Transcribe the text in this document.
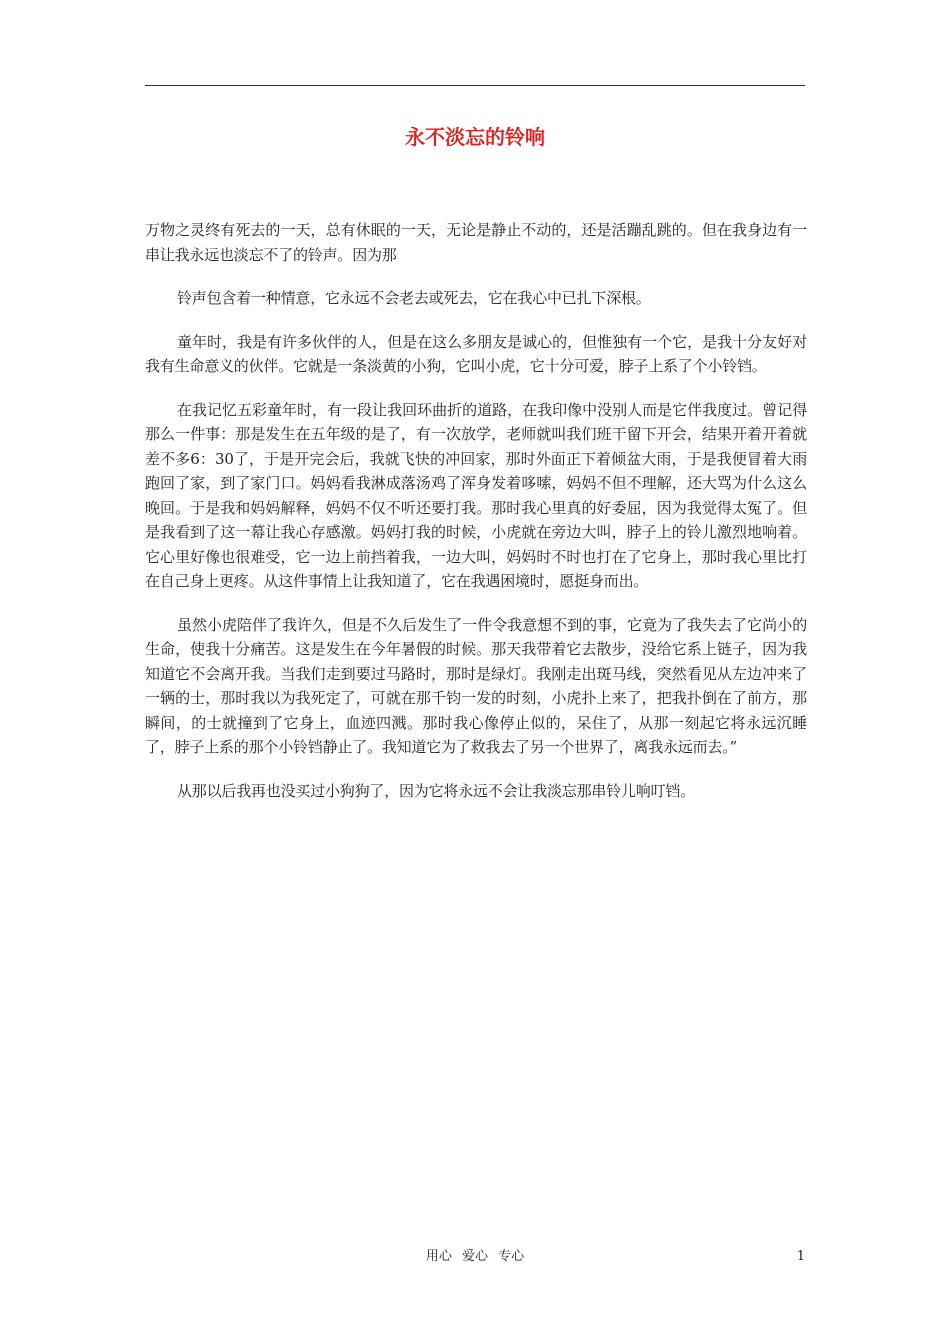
永不淡忘的铃响

万物之灵终有死去的一天，总有休眠的一天，无论是静止不动的，还是活蹦乱跳的。但在我身边有一串让我永远也淡忘不了的铃声。因为那

铃声包含着一种情意，它永远不会老去或死去，它在我心中已扎下深根。

童年时，我是有许多伙伴的人，但是在这么多朋友是诚心的，但惟独有一个它，是我十分友好对我有生命意义的伙伴。它就是一条淡黄的小狗，它叫小虎，它十分可爱，脖子上系了个小铃铛。

在我记忆五彩童年时，有一段让我回环曲折的道路，在我印像中没别人而是它伴我度过。曾记得那么一件事：那是发生在五年级的是了，有一次放学，老师就叫我们班干留下开会，结果开着开着就差不多6：30了，于是开完会后，我就飞快的冲回家，那时外面正下着倾盆大雨，于是我便冒着大雨跑回了家，到了家门口。妈妈看我淋成落汤鸡了浑身发着哆嗦，妈妈不但不理解，还大骂为什么这么晚回。于是我和妈妈解释，妈妈不仅不听还要打我。那时我心里真的好委屈，因为我觉得太冤了。但是我看到了这一幕让我心存感激。妈妈打我的时候，小虎就在旁边大叫，脖子上的铃儿激烈地响着。它心里好像也很难受，它一边上前挡着我，一边大叫，妈妈时不时也打在了它身上，那时我心里比打在自己身上更疼。从这件事情上让我知道了，它在我遇困境时，愿挺身而出。

虽然小虎陪伴了我许久，但是不久后发生了一件令我意想不到的事，它竟为了我失去了它尚小的生命，使我十分痛苦。这是发生在今年暑假的时候。那天我带着它去散步，没给它系上链子，因为我知道它不会离开我。当我们走到要过马路时，那时是绿灯。我刚走出斑马线，突然看见从左边冲来了一辆的士，那时我以为我死定了，可就在那千钧一发的时刻，小虎扑上来了，把我扑倒在了前方，那瞬间，的士就撞到了它身上，血迹四溅。那时我心像停止似的，呆住了，从那一刻起它将永远沉睡了，脖子上系的那个小铃铛静止了。我知道它为了救我去了另一个世界了，离我永远而去。”

从那以后我再也没买过小狗狗了，因为它将永远不会让我淡忘那串铃儿响叮铛。

用心 爱心 专心	1
